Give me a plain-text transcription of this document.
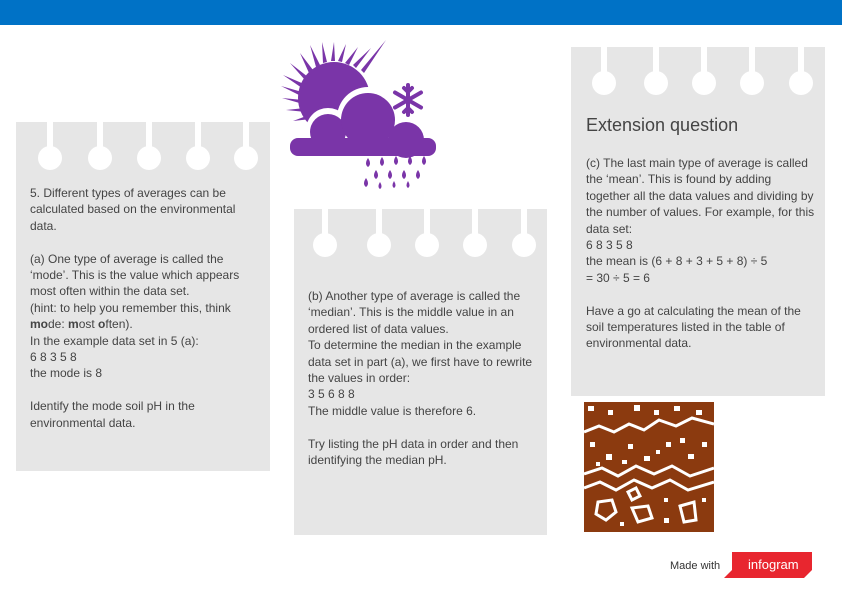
5. Different types of averages can be calculated based on the environmental data.
(a) One type of average is called the ‘mode’. This is the value which appears most often within the data set.
(hint: to help you remember this, think mode: most often).
In the example data set in 5 (a):
6 8 3 5 8
the mode is 8
Identify the mode soil pH in the environmental data.
(b) Another type of average is called the ‘median’. This is the middle value in an ordered list of data values.
To determine the median in the example data set in part (a), we first have to rewrite the values in order:
3 5 6 8 8
The middle value is therefore 6.
Try listing the pH data in order and then identifying the median pH.
Extension question
(c) The last main type of average is called the ‘mean’. This is found by adding together all the data values and dividing by the number of values. For example, for this data set:
6 8 3 5 8
the mean is (6 + 8 + 3 + 5 + 8) ÷ 5
= 30 ÷ 5 = 6
Have a go at calculating the mean of the soil temperatures listed in the table of environmental data.
Made with infogram
